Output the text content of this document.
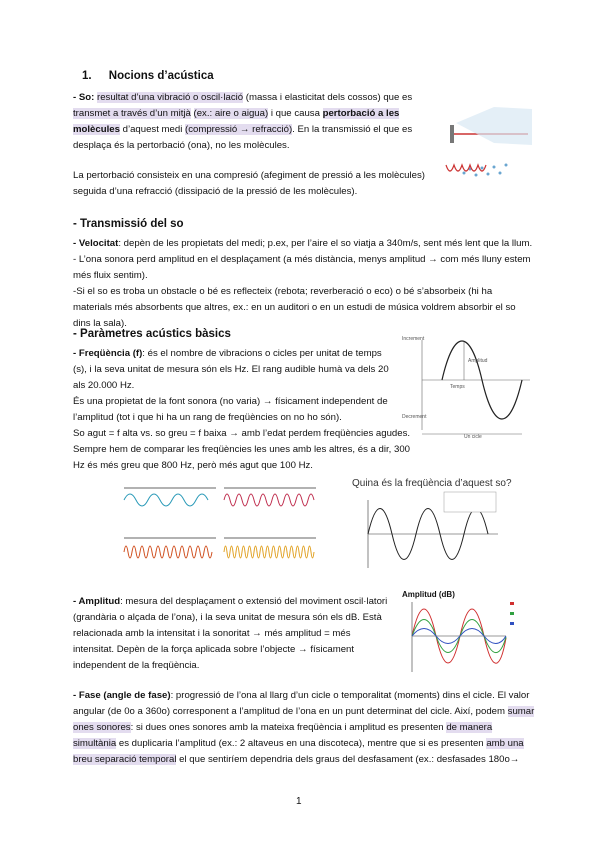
1. Nocions d’acústica

- So: resultat d’una vibració o oscil·lació (massa i elasticitat dels cossos) que es transmet a través d’un mitjà (ex.: aire o aigua) i que causa pertorbació a les molècules d’aquest medi (compressió → refracció). En la transmissió el que es desplaça és la pertorbació (ona), no les molècules.

La pertorbació consisteix en una compresió (afegiment de pressió a les molècules) seguida d’una refracció (dissipació de la pressió de les molècules).

- Transmissió del so

- Velocitat: depèn de les propietats del medi; p.ex, per l’aire el so viatja a 340m/s, sent més lent que la llum.

- L’ona sonora perd amplitud en el desplaçament (a més distància, menys amplitud → com més lluny estem més fluix sentim).

-Si el so es troba un obstacle o bé es reflecteix (rebota; reverberació o eco) o bé s’absorbeix (hi ha materials més absorbents que altres, ex.: en un auditori o en un estudi de música voldrem absorbir el so dins la sala).

- Paràmetres acústics bàsics

- Freqüència (f): és el nombre de vibracions o cicles per unitat de temps (s), i la seva unitat de mesura són els Hz. El rang audible humà va dels 20 als 20.000 Hz.

És una propietat de la font sonora (no varia) → físicament independent de l’amplitud (tot i que hi ha un rang de freqüències on no ho són).

So agut = f alta vs. so greu = f baixa → amb l’edat perdem freqüències agudes. Sempre hem de comparar les freqüències les unes amb les altres, és a dir, 300 Hz és més greu que 800 Hz, però més agut que 100 Hz.

Increment
Amplitud
Temps
Decrement
Un cicle
Quina és la freqüència d’aquest so?

- Amplitud: mesura del desplaçament o extensió del moviment oscil·latori (grandària o alçada de l’ona), i la seva unitat de mesura són els dB. Està relacionada amb la intensitat i la sonoritat → més amplitud = més intensitat. Depèn de la força aplicada sobre l’objecte → físicament independent de la freqüència.

Amplitud (dB)

- Fase (angle de fase): progressió de l’ona al llarg d’un cicle o temporalitat (moments) dins el cicle. El valor angular (de 0o a 360o) corresponent a l’amplitud de l’ona en un punt determinat del cicle. Així, podem sumar ones sonores: si dues ones sonores amb la mateixa freqüència i amplitud es presenten de manera simultània es duplicaria l’amplitud (ex.: 2 altaveus en una discoteca), mentre que si es presenten amb una breu separació temporal el que sentiríem dependria dels graus del desfasament (ex.: desfasades 180o→

1
